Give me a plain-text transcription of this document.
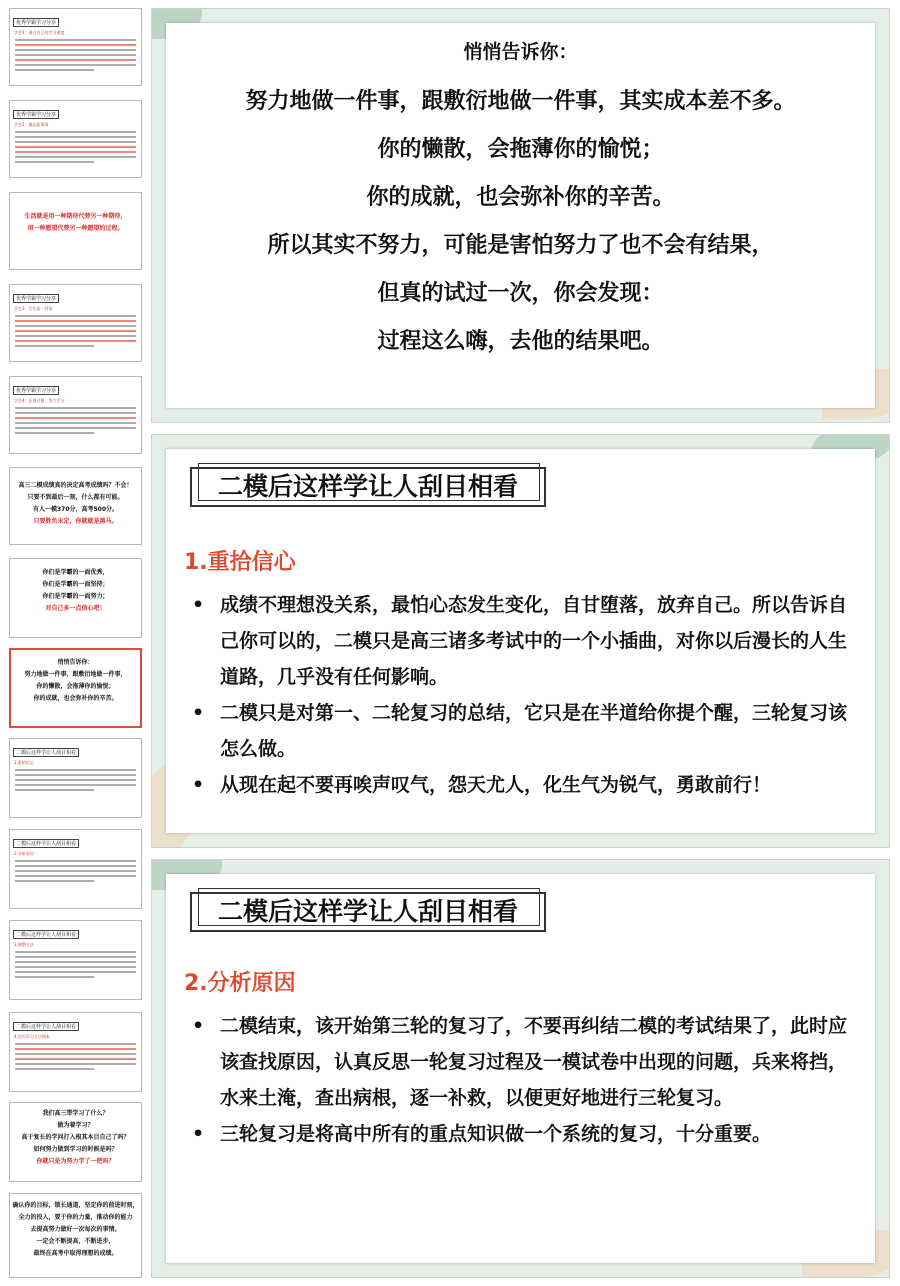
优秀学霸学习分享
学会1：通过自己的学习速度
优秀学霸学习分享
学会2：做品质事情
生活就是用一种期待代替另一种期待，
用一种愿望代替另一种愿望的过程。
优秀学霸学习分享
学会3：它们是一回事
优秀学霸学习分享
学会4：正视过错，努力学习
高三二模成绩真的决定高考成绩吗？不会！
只要不到最后一刻，什么都有可能。
有人一模370分，高考500分。
只要胜负未定，你就就是黑马。
你们是学霸的一面优秀，
你们是学霸的一面坚持；
你们是学霸的一面努力；
对自己多一点信心吧！
悄悄告诉你：
努力地做一件事，跟敷衍地做一件事，
你的懒散，会拖薄你的愉悦；
你的成就，也会弥补你的辛苦。
二模后这样学让人刮目相看
1.重拾信心
二模后这样学让人刮目相看
2.分析原因
二模后这样学让人刮目相看
3.调整方法
二模后这样学让人刮目相看
4.回归学习方法课本
我们高三带学习了什么？
做为着学习？
高于复长的学问打入根其本目自己了吗？
如何努力做到学习的时候是吗？
你就只是为努力学了一把吗？
确认你的目标，锁长通道，坚定你的前进时刻，
全力的投入，要于你的力量，推动你的能力
去提高努力做好一次每次的事情。
一定会不断提高，不断进步，
最终在高考中取得理想的成绩。

悄悄告诉你：

努力地做一件事，跟敷衍地做一件事，其实成本差不多。

你的懒散，会拖薄你的愉悦；

你的成就，也会弥补你的辛苦。

所以其实不努力，可能是害怕努力了也不会有结果，

但真的试过一次，你会发现：

过程这么嗨，去他的结果吧。

二模后这样学让人刮目相看
1.重拾信心
• 成绩不理想没关系，最怕心态发生变化，自甘堕落，放弃自己。所以告诉自己你可以的，二模只是高三诸多考试中的一个小插曲，对你以后漫长的人生道路，几乎没有任何影响。
• 二模只是对第一、二轮复习的总结，它只是在半道给你提个醒，三轮复习该怎么做。
• 从现在起不要再唉声叹气，怨天尤人，化生气为锐气，勇敢前行！
二模后这样学让人刮目相看
2.分析原因
• 二模结束，该开始第三轮的复习了，不要再纠结二模的考试结果了，此时应该查找原因，认真反思一轮复习过程及一模试卷中出现的问题，兵来将挡，水来土淹，查出病根，逐一补救，以便更好地进行三轮复习。
• 三轮复习是将高中所有的重点知识做一个系统的复习，十分重要。
